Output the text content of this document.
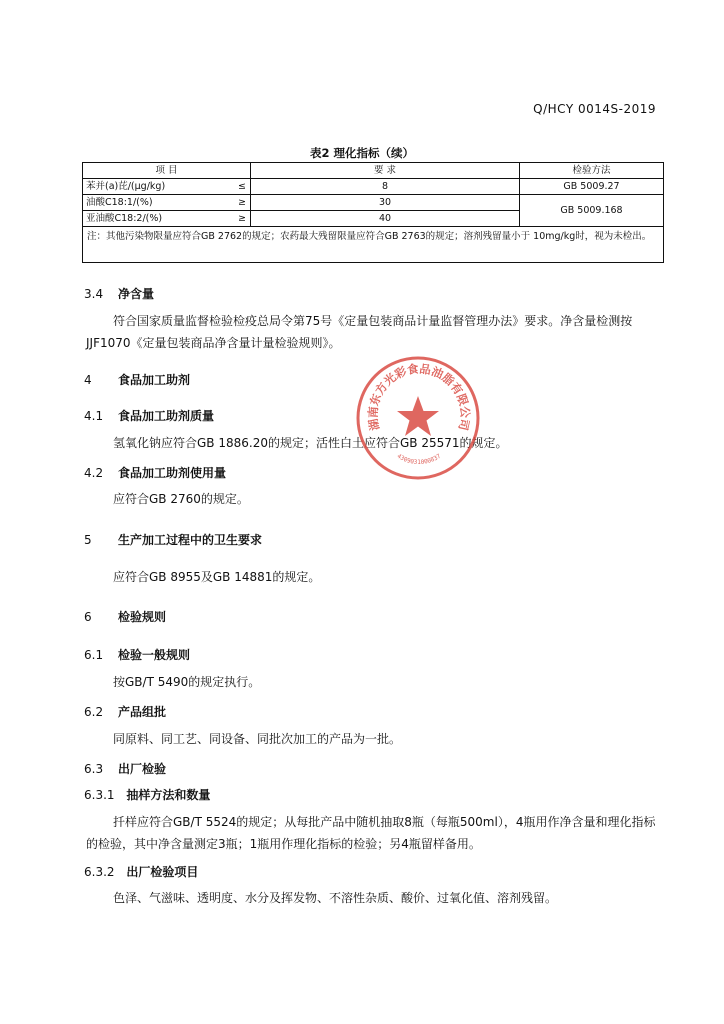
Q/HCY 0014S-2019
表2 理化指标（续）
项 目	要 求	检验方法
苯并(a)芘/(μg/kg) ≤	8	GB 5009.27
油酸C18:1/(%) ≥	30	GB 5009.168
亚油酸C18:2/(%) ≥	40	
注：其他污染物限量应符合GB 2762的规定；农药最大残留限量应符合GB 2763的规定；溶剂残留量小于 10mg/kg时，视为未检出。		
3.4 净含量
符合国家质量监督检验检疫总局令第75号《定量包装商品计量监督管理办法》要求。净含量检测按JJF1070《定量包装商品净含量计量检验规则》。
4 食品加工助剂
4.1 食品加工助剂质量
氢氧化钠应符合GB 1886.20的规定；活性白土应符合GB 25571的规定。
4.2 食品加工助剂使用量
应符合GB 2760的规定。
5 生产加工过程中的卫生要求
应符合GB 8955及GB 14881的规定。
6 检验规则
6.1 检验一般规则
按GB/T 5490的规定执行。
6.2 产品组批
同原料、同工艺、同设备、同批次加工的产品为一批。
6.3 出厂检验
6.3.1 抽样方法和数量
扦样应符合GB/T 5524的规定；从每批产品中随机抽取8瓶（每瓶500ml），4瓶用作净含量和理化指标的检验，其中净含量测定3瓶；1瓶用作理化指标的检验；另4瓶留样备用。
6.3.2 出厂检验项目
色泽、气滋味、透明度、水分及挥发物、不溶性杂质、酸价、过氧化值、溶剂残留。
湖南东方光彩食品油脂有限公司
4309031000837
